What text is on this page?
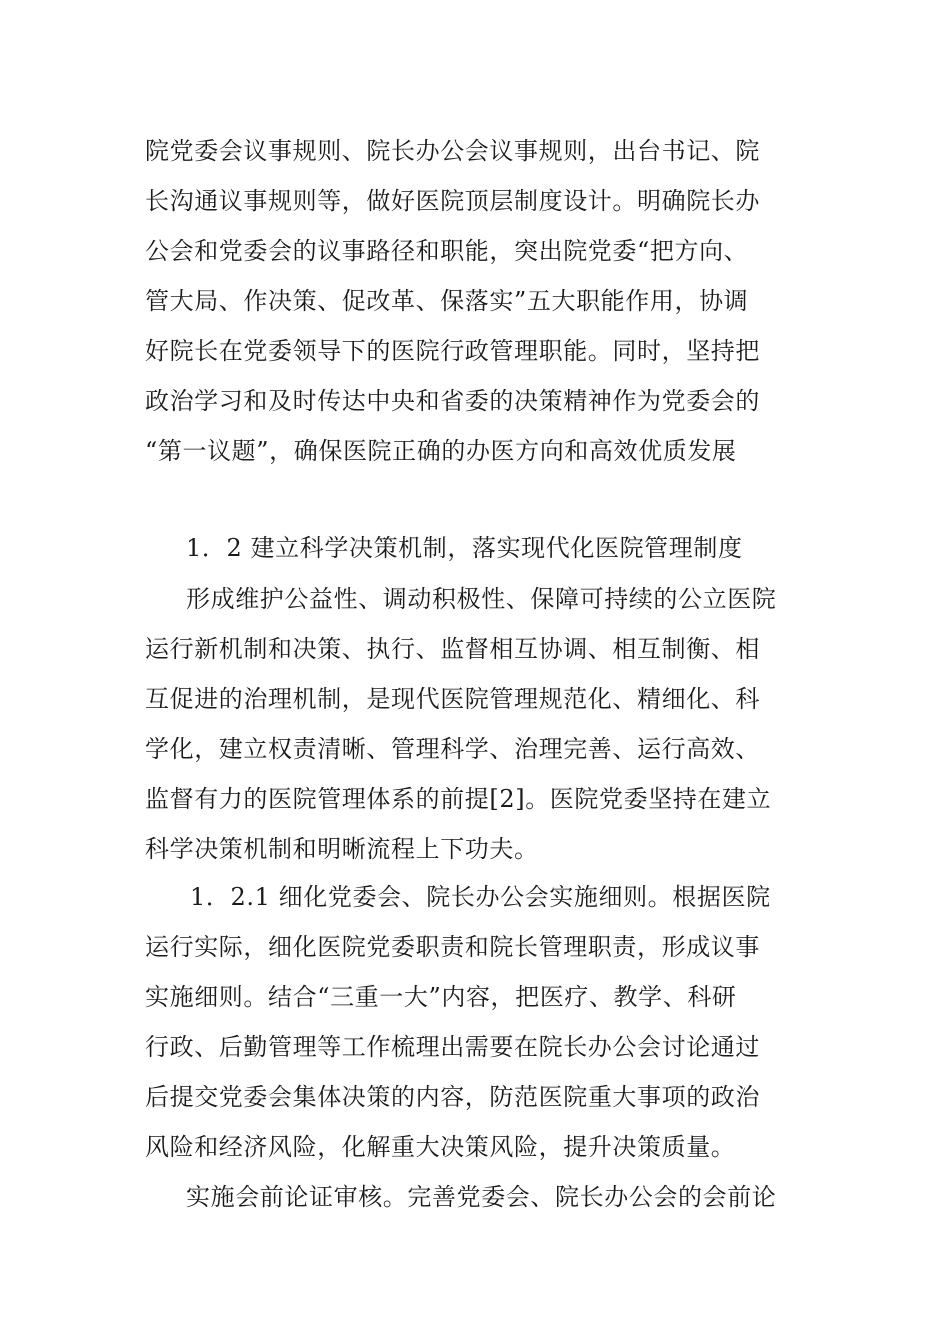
院党委会议事规则、院长办公会议事规则，出台书记、院
长沟通议事规则等，做好医院顶层制度设计。明确院长办
公会和党委会的议事路径和职能，突出院党委“把方向、
管大局、作决策、促改革、保落实”五大职能作用，协调
好院长在党委领导下的医院行政管理职能。同时，坚持把
政治学习和及时传达中央和省委的决策精神作为党委会的
“第一议题”，确保医院正确的办医方向和高效优质发展
1．2 建立科学决策机制，落实现代化医院管理制度
形成维护公益性、调动积极性、保障可持续的公立医院
运行新机制和决策、执行、监督相互协调、相互制衡、相
互促进的治理机制，是现代医院管理规范化、精细化、科
学化，建立权责清晰、管理科学、治理完善、运行高效、
监督有力的医院管理体系的前提[2]。医院党委坚持在建立
科学决策机制和明晰流程上下功夫。
1．2.1 细化党委会、院长办公会实施细则。根据医院
运行实际，细化医院党委职责和院长管理职责，形成议事
实施细则。结合“三重一大”内容，把医疗、教学、科研
行政、后勤管理等工作梳理出需要在院长办公会讨论通过
后提交党委会集体决策的内容，防范医院重大事项的政治
风险和经济风险，化解重大决策风险，提升决策质量。
实施会前论证审核。完善党委会、院长办公会的会前论
